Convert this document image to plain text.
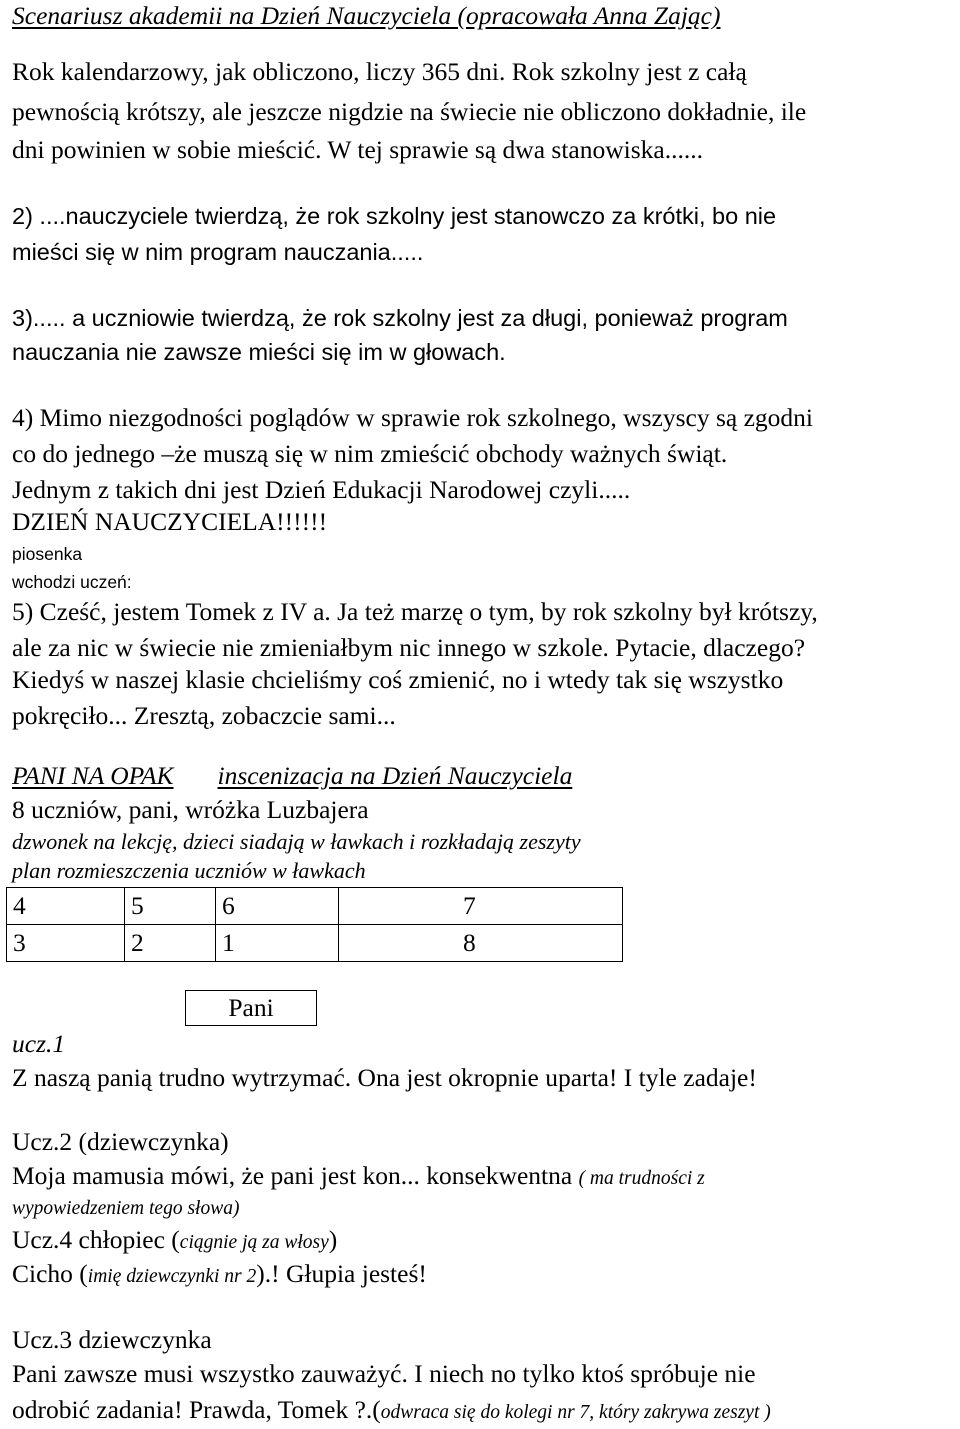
Scenariusz akademii na Dzień Nauczyciela (opracowała Anna Zając)
Rok kalendarzowy, jak obliczono, liczy 365 dni. Rok szkolny jest z całą
pewnością krótszy, ale jeszcze nigdzie na świecie nie obliczono dokładnie, ile
dni powinien w sobie mieścić. W tej sprawie są dwa stanowiska......
2) ....nauczyciele twierdzą, że rok szkolny jest stanowczo za krótki, bo nie
mieści się w nim program nauczania.....
3)..... a uczniowie twierdzą, że rok szkolny jest za długi, ponieważ program
nauczania nie zawsze mieści się im w głowach.
4) Mimo niezgodności poglądów w sprawie rok szkolnego, wszyscy są zgodni
co do jednego –że muszą się w nim zmieścić obchody ważnych świąt.
Jednym z takich dni jest Dzień Edukacji Narodowej czyli.....
DZIEŃ NAUCZYCIELA!!!!!!
piosenka
wchodzi uczeń:
5) Cześć, jestem Tomek z IV a. Ja też marzę o tym, by rok szkolny był krótszy,
ale za nic w świecie nie zmieniałbym nic innego w szkole. Pytacie, dlaczego?
Kiedyś w naszej klasie chcieliśmy coś zmienić, no i wtedy tak się wszystko
pokręciło... Zresztą, zobaczcie sami...
PANI NA OPAK inscenizacja na Dzień Nauczyciela
8 uczniów, pani, wróżka Luzbajera
dzwonek na lekcję, dzieci siadają w ławkach i rozkładają zeszyty
plan rozmieszczenia uczniów w ławkach
4	5	6	7
3	2	1	8
Pani
ucz.1
Z naszą panią trudno wytrzymać. Ona jest okropnie uparta! I tyle zadaje!
Ucz.2 (dziewczynka)
Moja mamusia mówi, że pani jest kon... konsekwentna ( ma trudności z
wypowiedzeniem tego słowa)
Ucz.4 chłopiec (ciągnie ją za włosy)
Cicho (imię dziewczynki nr 2).! Głupia jesteś!
Ucz.3 dziewczynka
Pani zawsze musi wszystko zauważyć. I niech no tylko ktoś spróbuje nie
odrobić zadania! Prawda, Tomek ?.(odwraca się do kolegi nr 7, który zakrywa zeszyt )
